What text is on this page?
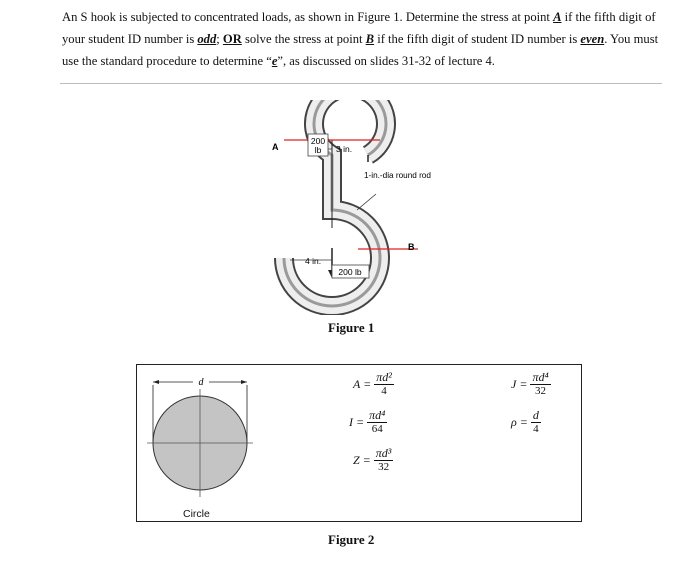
An S hook is subjected to concentrated loads, as shown in Figure 1. Determine the stress at point A if the fifth digit of your student ID number is odd; OR solve the stress at point B if the fifth digit of student ID number is even. You must use the standard procedure to determine “e”, as discussed on slides 31-32 of lecture 4.
200
lb 3 in.
A
1-in.-dia round rod
B
4 in.
200 lb
Figure 1
d
Circle
$A = \frac{\text{πd²}}{4}$
$I = \frac{\text{πd⁴}}{64}$
$Z = \frac{\text{πd³}}{32}$
$J = \frac{\text{πd⁴}}{32}$
$\rho = \frac{d}{4}$
Figure 2
